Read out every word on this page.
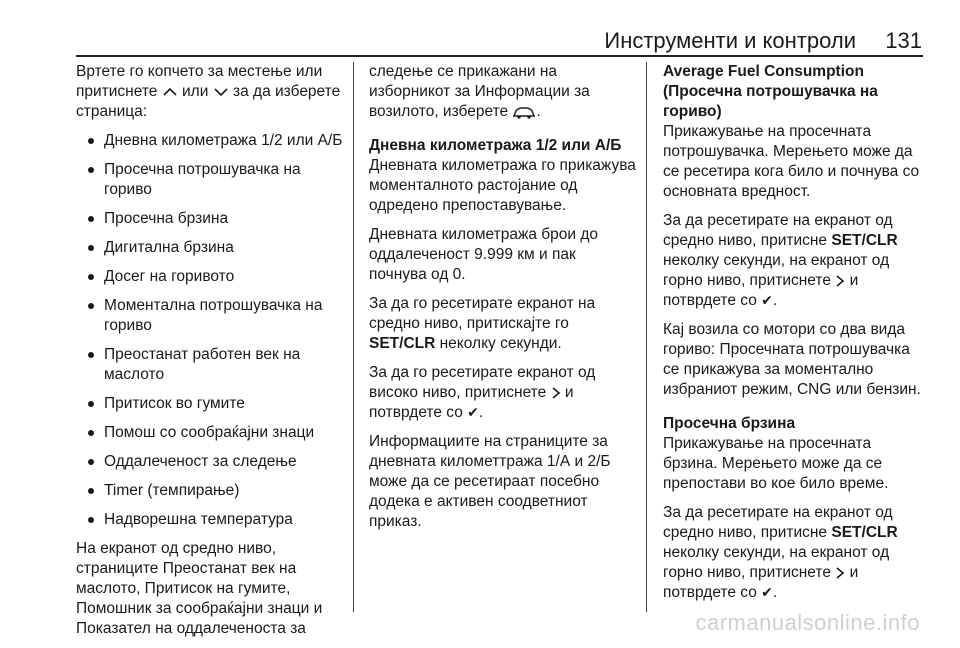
Инструменти и контроли 131

Вртете го копчето за местење или притиснете или за да изберете страница:

Дневна километража 1/2 или А/Б
Просечна потрошувачка на гориво
Просечна брзина
Дигитална брзина
Досег на горивото
Моментална потрошувачка на гориво
Преостанат работен век на маслото
Притисок во гумите
Помош со сообраќајни знаци
Оддалеченост за следење
Timer (темпирање)
Надворешна температура

На екранот од средно ниво, страниците Преостанат век на маслото, Притисок на гумите, Помошник за сообраќајни знаци и Показател на оддалеченоста за

следење се прикажани на изборникот за Информации за возилото, изберете .

Дневна километража 1/2 или А/Б

Дневната километража го прикажува моменталното растојание од одредено препоставување.

Дневната километража брои до оддалеченост 9.999 км и пак почнува од 0.

За да го ресетирате екранот на средно ниво, притискајте го SET/CLR неколку секунди.

За да го ресетирате екранот од високо ниво, притиснете и потврдете со ✔.

Информациите на страниците за дневната километтража 1/А и 2/Б може да се ресетираат посебно додека е активен соодветниот приказ.

Average Fuel Consumption (Просечна потрошувачка на гориво)

Прикажување на просечната потрошувачка. Мерењето може да се ресетира кога било и почнува со основната вредност.

За да ресетирате на екранот од средно ниво, притисне SET/CLR неколку секунди, на екранот од горно ниво, притиснете и потврдете со ✔.

Кај возила со мотори со два вида гориво: Просечната потрошувачка се прикажува за моментално избраниот режим, CNG или бензин.

Просечна брзина

Прикажување на просечната брзина. Мерењето може да се препостави во кое било време.

За да ресетирате на екранот од средно ниво, притисне SET/CLR неколку секунди, на екранот од горно ниво, притиснете и потврдете со ✔.

carmanualsonline.info
